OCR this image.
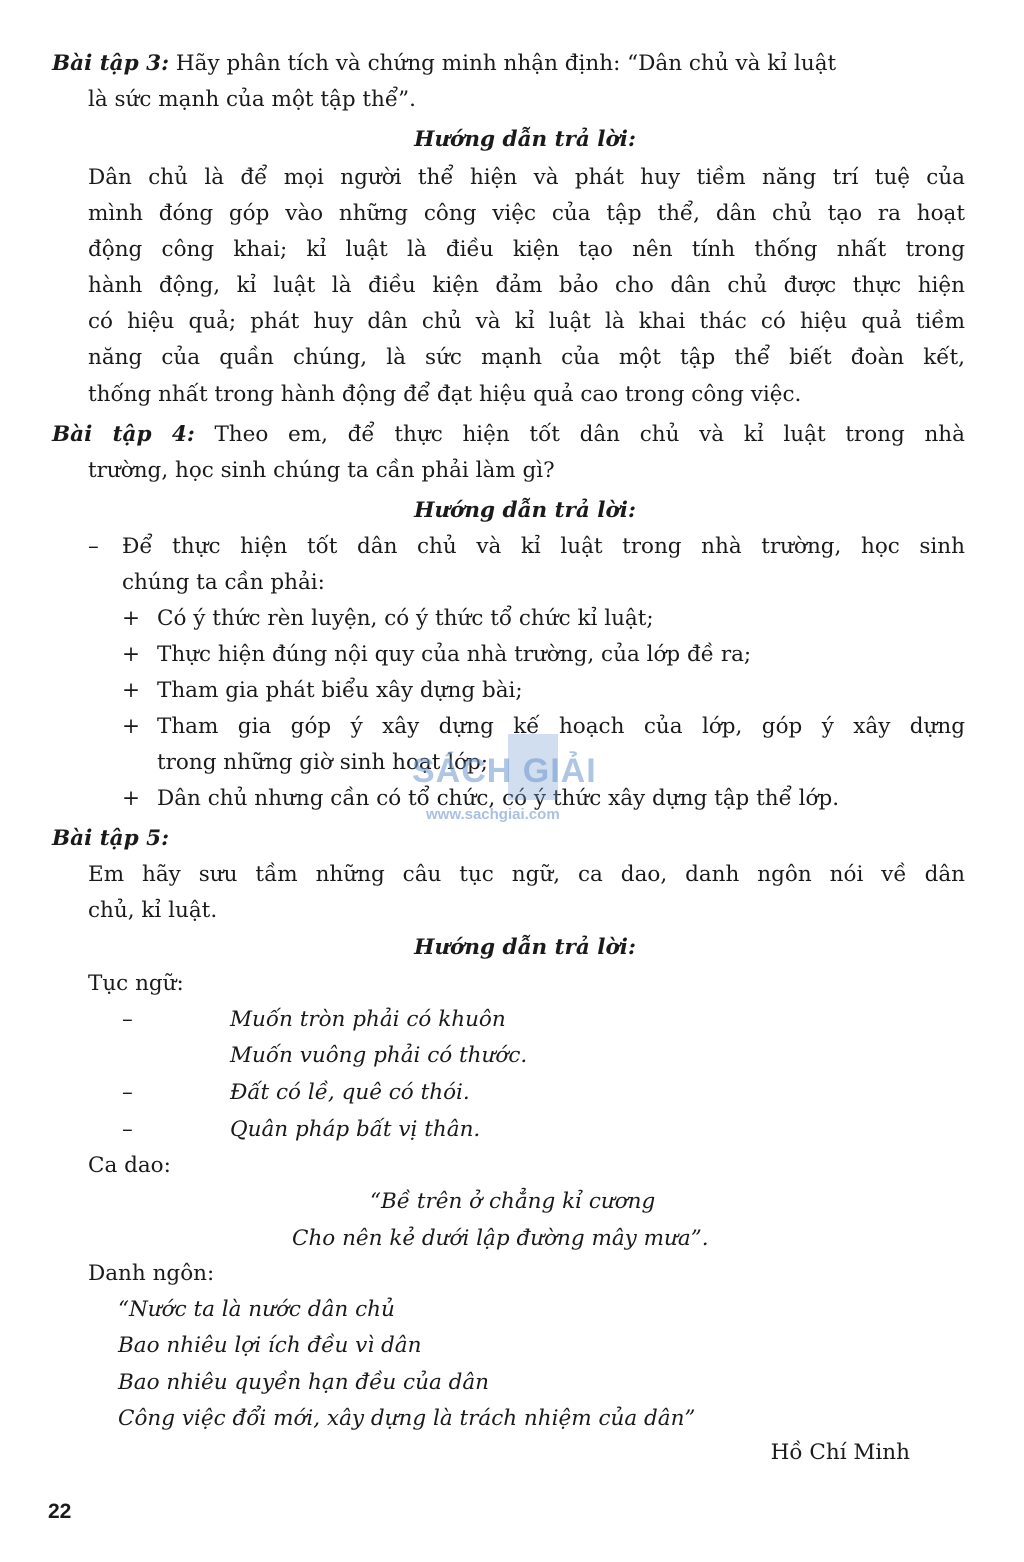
Bài tập 3: Hãy phân tích và chứng minh nhận định: “Dân chủ và kỉ luật
là sức mạnh của một tập thể”.
Hướng dẫn trả lời:
Dân chủ là để mọi người thể hiện và phát huy tiềm năng trí tuệ của
mình đóng góp vào những công việc của tập thể, dân chủ tạo ra hoạt
động công khai; kỉ luật là điều kiện tạo nên tính thống nhất trong
hành động, kỉ luật là điều kiện đảm bảo cho dân chủ được thực hiện
có hiệu quả; phát huy dân chủ và kỉ luật là khai thác có hiệu quả tiềm
năng của quần chúng, là sức mạnh của một tập thể biết đoàn kết,
thống nhất trong hành động để đạt hiệu quả cao trong công việc.
Bài tập 4: Theo em, để thực hiện tốt dân chủ và kỉ luật trong nhà
trường, học sinh chúng ta cần phải làm gì?
Hướng dẫn trả lời:
– Để thực hiện tốt dân chủ và kỉ luật trong nhà trường, học sinh
chúng ta cần phải:
+ Có ý thức rèn luyện, có ý thức tổ chức kỉ luật;
+ Thực hiện đúng nội quy của nhà trường, của lớp đề ra;
+ Tham gia phát biểu xây dựng bài;
+ Tham gia góp ý xây dựng kế hoạch của lớp, góp ý xây dựng
trong những giờ sinh hoạt lớp;
+ Dân chủ nhưng cần có tổ chức, có ý thức xây dựng tập thể lớp.
Bài tập 5:
Em hãy sưu tầm những câu tục ngữ, ca dao, danh ngôn nói về dân
chủ, kỉ luật.
Hướng dẫn trả lời:
Tục ngữ:
–	Muốn tròn phải có khuôn
Muốn vuông phải có thước.
–	Đất có lề, quê có thói.
–	Quân pháp bất vị thân.
Ca dao:
“Bề trên ở chẳng kỉ cương
Cho nên kẻ dưới lập đường mây mưa”.
Danh ngôn:
“Nước ta là nước dân chủ
Bao nhiêu lợi ích đều vì dân
Bao nhiêu quyền hạn đều của dân
Công việc đổi mới, xây dựng là trách nhiệm của dân”
Hồ Chí Minh
SÁCH GIẢI
www.sachgiai.com
22
